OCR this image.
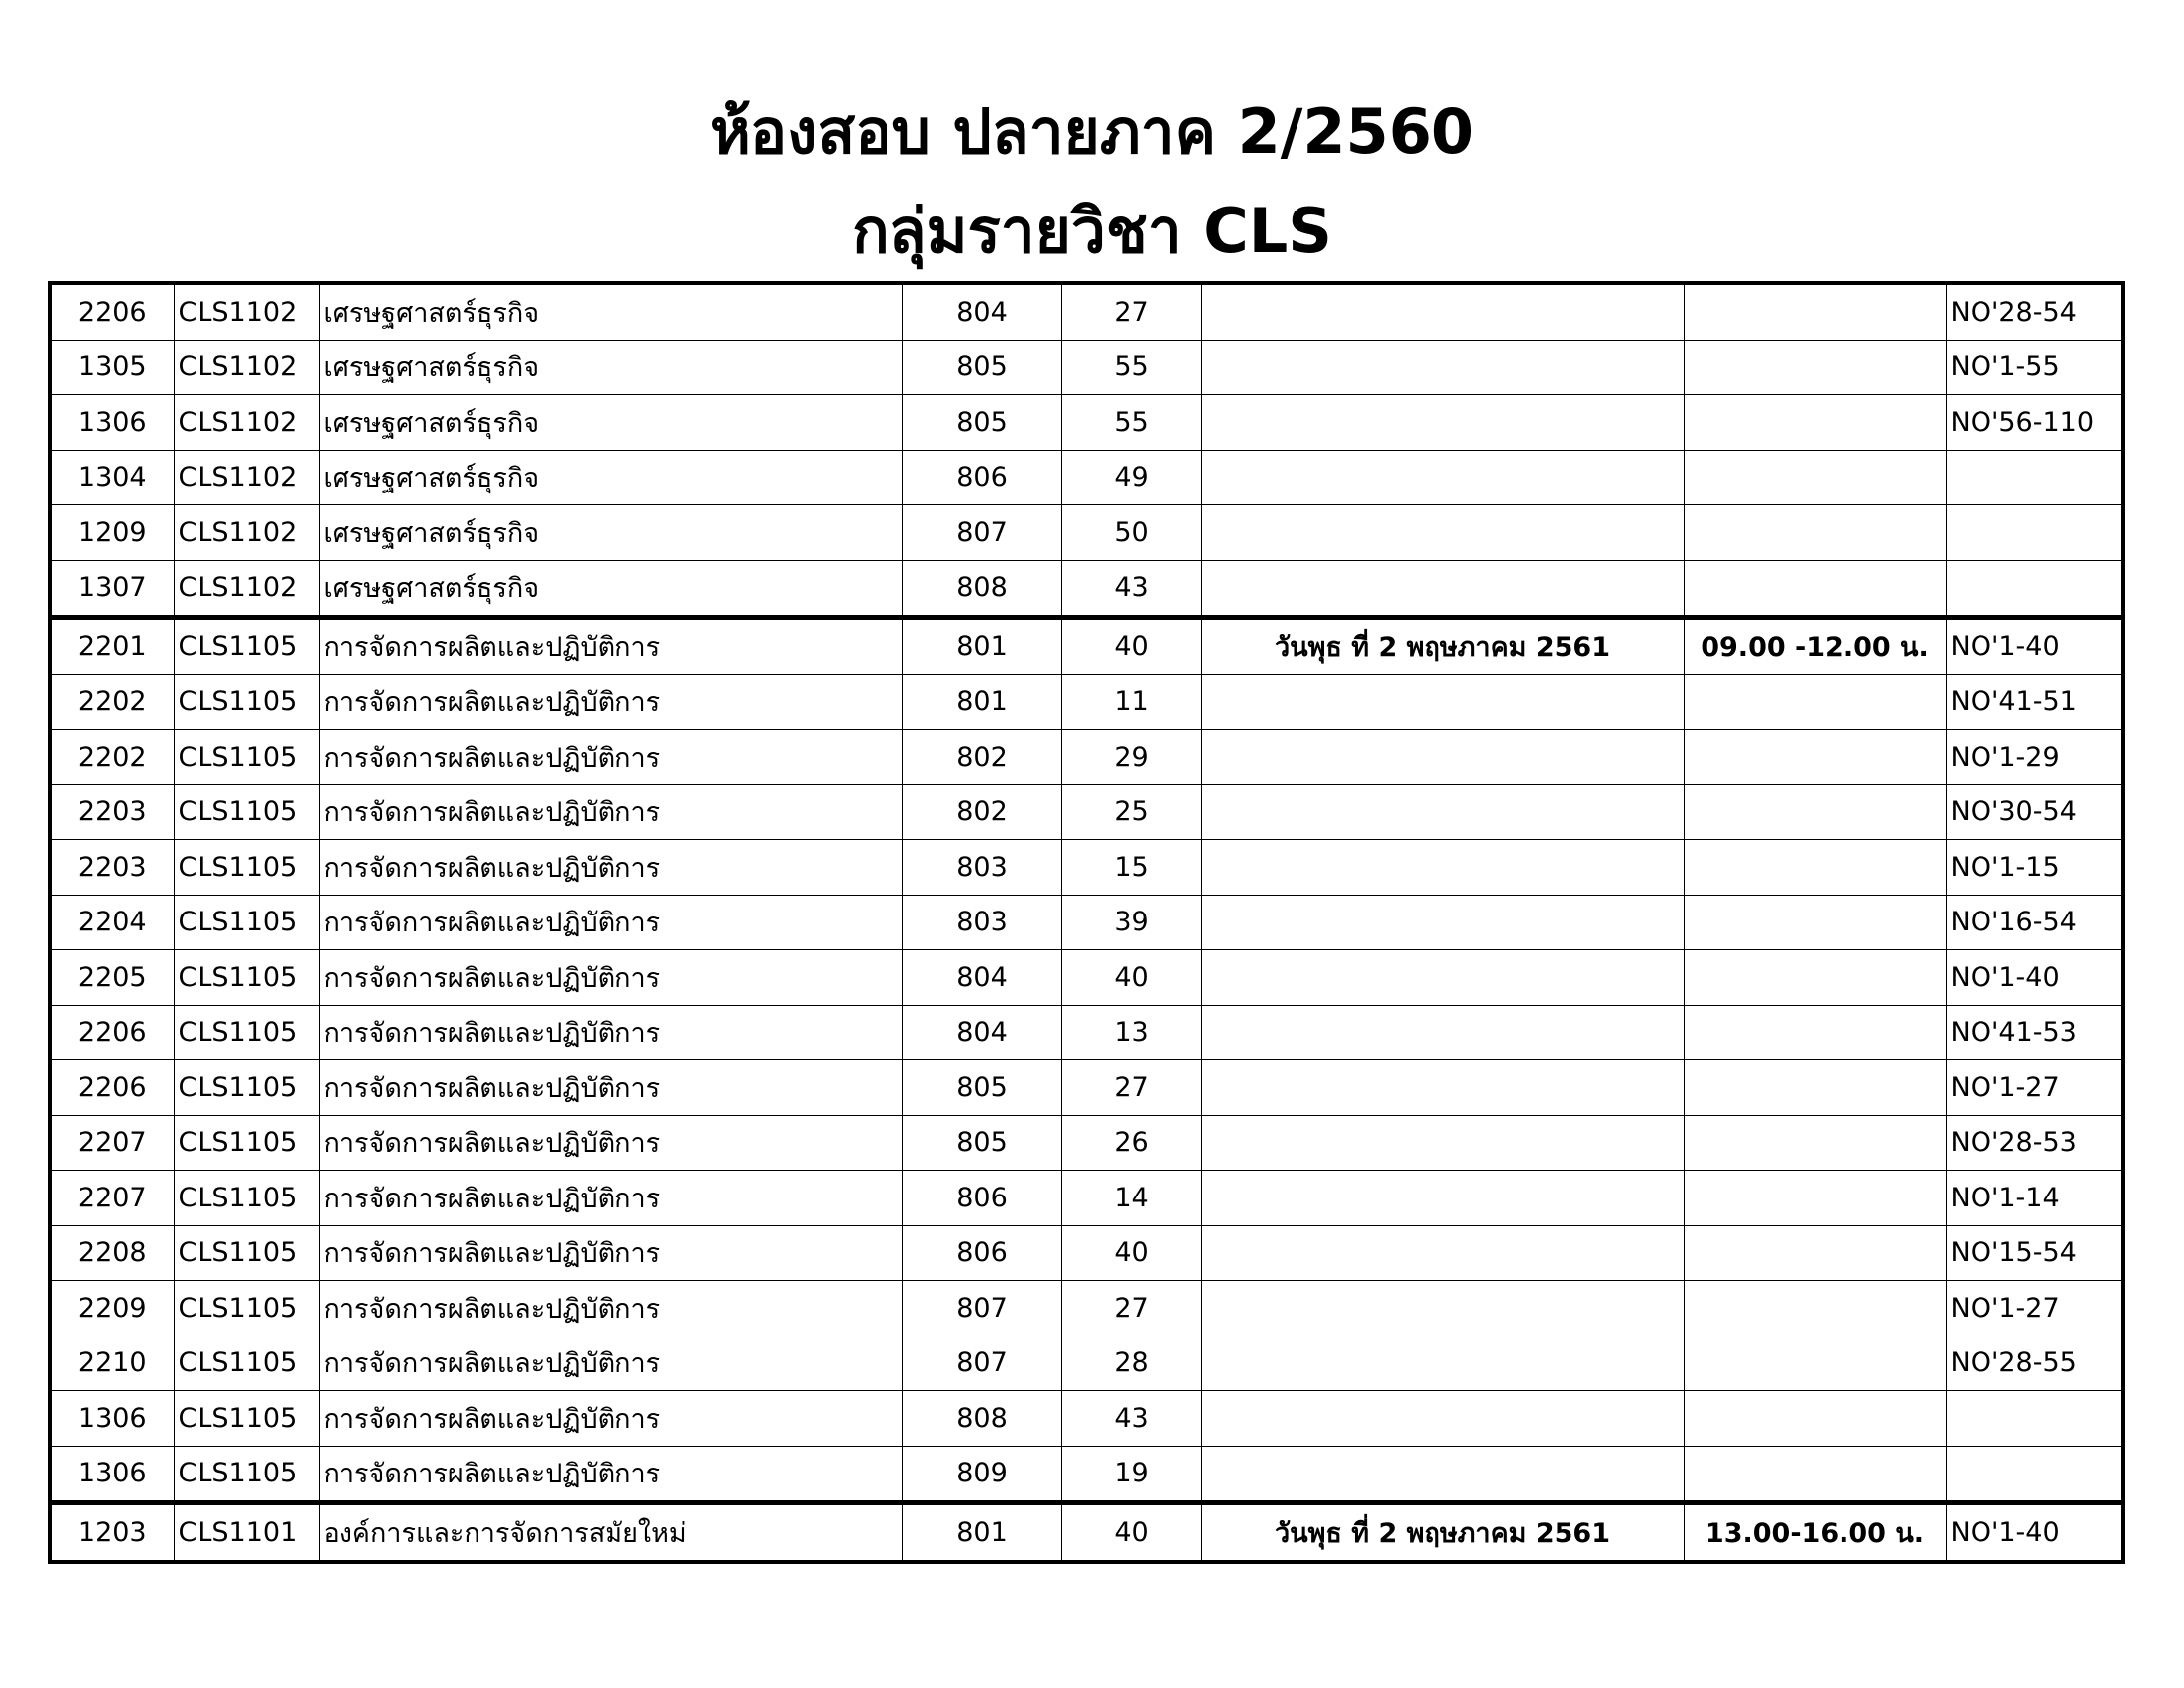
ห้องสอบ ปลายภาค 2/2560
กลุ่มรายวิชา CLS
2206	CLS1102	เศรษฐศาสตร์ธุรกิจ	804	27			NO'28-54
1305	CLS1102	เศรษฐศาสตร์ธุรกิจ	805	55			NO'1-55
1306	CLS1102	เศรษฐศาสตร์ธุรกิจ	805	55			NO'56-110
1304	CLS1102	เศรษฐศาสตร์ธุรกิจ	806	49			
1209	CLS1102	เศรษฐศาสตร์ธุรกิจ	807	50			
1307	CLS1102	เศรษฐศาสตร์ธุรกิจ	808	43			
2201	CLS1105	การจัดการผลิตและปฏิบัติการ	801	40	วันพุธ ที่ 2 พฤษภาคม 2561	09.00 -12.00 น.	NO'1-40
2202	CLS1105	การจัดการผลิตและปฏิบัติการ	801	11			NO'41-51
2202	CLS1105	การจัดการผลิตและปฏิบัติการ	802	29			NO'1-29
2203	CLS1105	การจัดการผลิตและปฏิบัติการ	802	25			NO'30-54
2203	CLS1105	การจัดการผลิตและปฏิบัติการ	803	15			NO'1-15
2204	CLS1105	การจัดการผลิตและปฏิบัติการ	803	39			NO'16-54
2205	CLS1105	การจัดการผลิตและปฏิบัติการ	804	40			NO'1-40
2206	CLS1105	การจัดการผลิตและปฏิบัติการ	804	13			NO'41-53
2206	CLS1105	การจัดการผลิตและปฏิบัติการ	805	27			NO'1-27
2207	CLS1105	การจัดการผลิตและปฏิบัติการ	805	26			NO'28-53
2207	CLS1105	การจัดการผลิตและปฏิบัติการ	806	14			NO'1-14
2208	CLS1105	การจัดการผลิตและปฏิบัติการ	806	40			NO'15-54
2209	CLS1105	การจัดการผลิตและปฏิบัติการ	807	27			NO'1-27
2210	CLS1105	การจัดการผลิตและปฏิบัติการ	807	28			NO'28-55
1306	CLS1105	การจัดการผลิตและปฏิบัติการ	808	43			
1306	CLS1105	การจัดการผลิตและปฏิบัติการ	809	19			
1203	CLS1101	องค์การและการจัดการสมัยใหม่	801	40	วันพุธ ที่ 2 พฤษภาคม 2561	13.00-16.00 น.	NO'1-40
